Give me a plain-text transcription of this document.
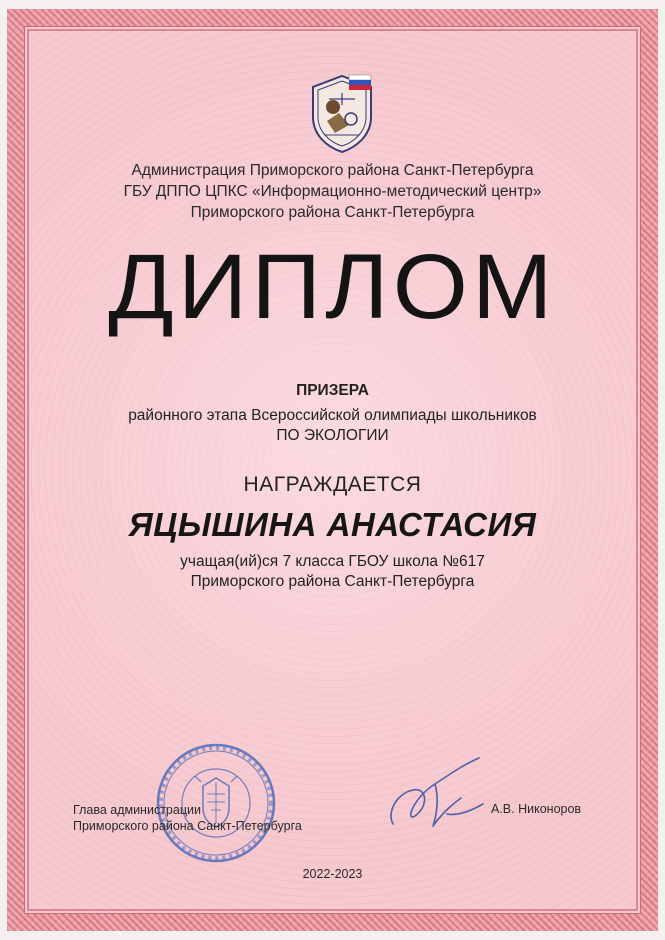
Администрация Приморского района Санкт-Петербурга
ГБУ ДППО ЦПКС «Информационно-методический центр»
Приморского района Санкт-Петербурга
ДИПЛОМ
ПРИЗЕРА
районного этапа Всероссийской олимпиады школьников
ПО ЭКОЛОГИИ
НАГРАЖДАЕТСЯ
ЯЦЫШИНА АНАСТАСИЯ
учащая(ий)ся 7 класса ГБОУ школа №617
Приморского района Санкт-Петербурга
Глава администрации
Приморского района Санкт-Петербурга
А.В. Никоноров
2022-2023
